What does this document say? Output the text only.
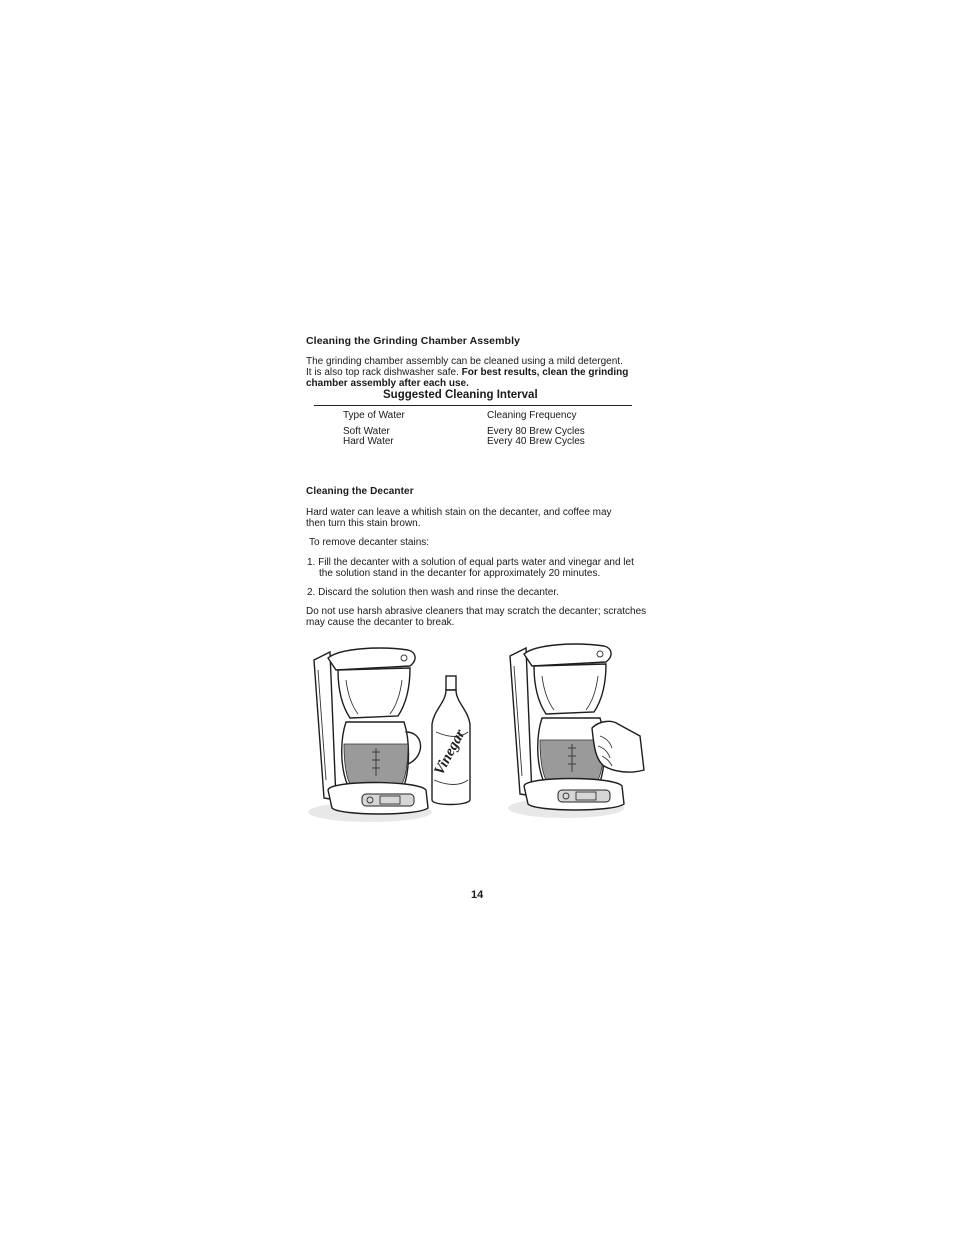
Cleaning the Grinding Chamber Assembly
The grinding chamber assembly can be cleaned using a mild detergent.
It is also top rack dishwasher safe. For best results, clean the grinding
chamber assembly after each use.
Suggested Cleaning Interval
Type of Water	Cleaning Frequency
Soft Water	Every 80 Brew Cycles
Hard Water	Every 40 Brew Cycles
Cleaning the Decanter
Hard water can leave a whitish stain on the decanter, and coffee may
then turn this stain brown.
To remove decanter stains:
1. Fill the decanter with a solution of equal parts water and vinegar and let
the solution stand in the decanter for approximately 20 minutes.
2. Discard the solution then wash and rinse the decanter.
Do not use harsh abrasive cleaners that may scratch the decanter; scratches
may cause the decanter to break.
Vinegar
14
